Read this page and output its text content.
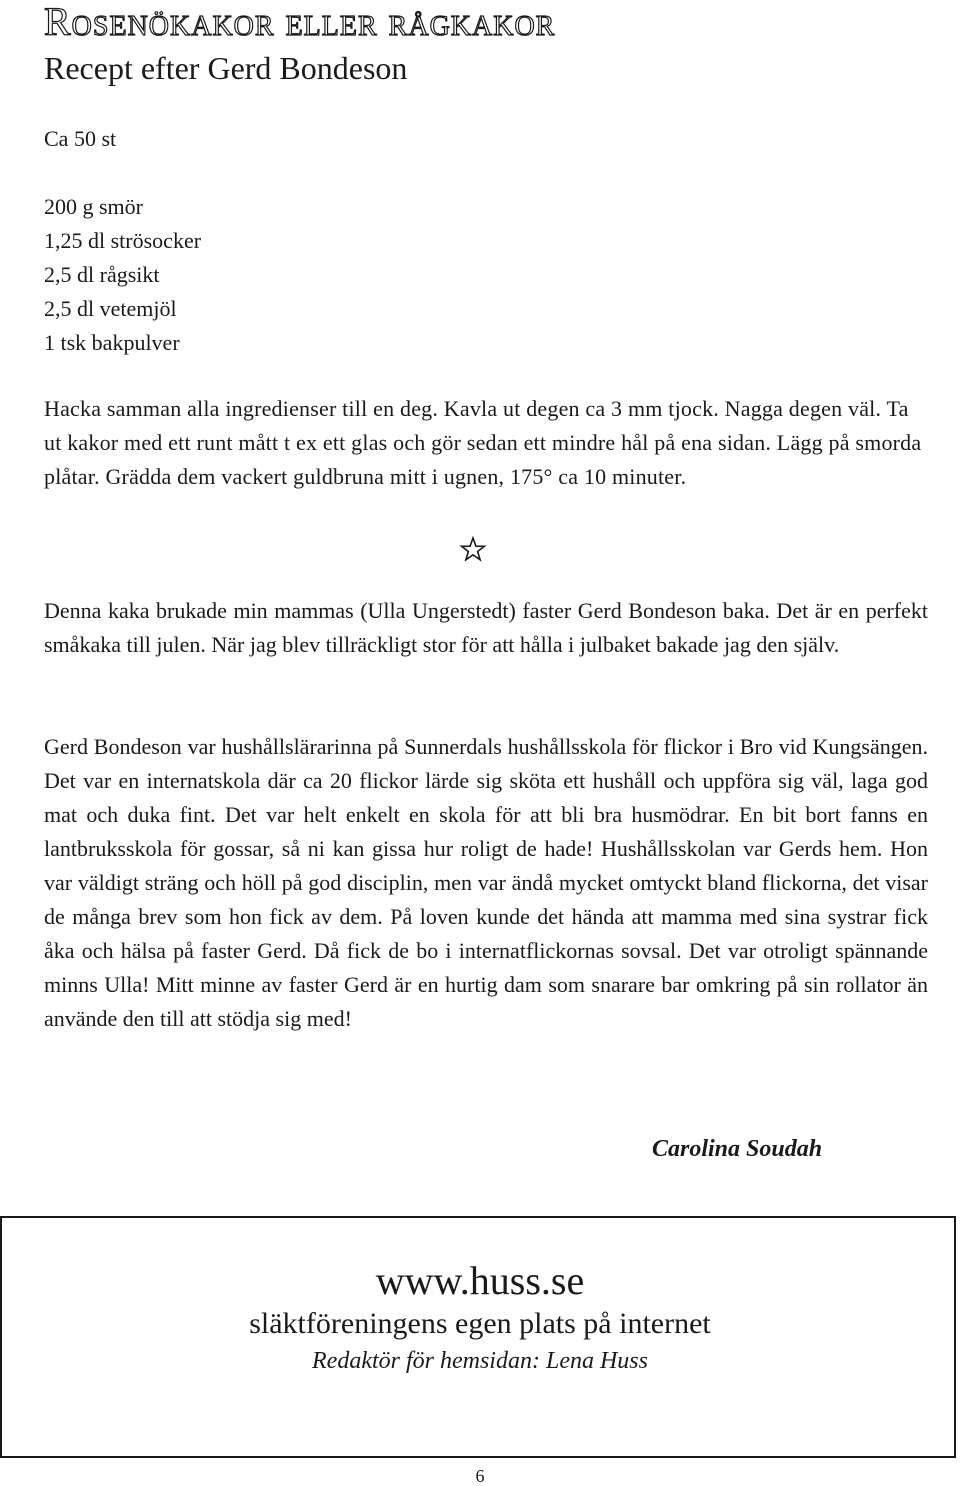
Rosenökakor eller rågkakor
Recept efter Gerd Bondeson
Ca 50 st
200 g smör
1,25 dl strösocker
2,5 dl rågsikt
2,5 dl vetemjöl
1 tsk bakpulver

Hacka samman alla ingredienser till en deg. Kavla ut degen ca 3 mm tjock. Nagga degen väl. Ta ut kakor med ett runt mått t ex ett glas och gör sedan ett mindre hål på ena sidan. Lägg på smorda plåtar. Grädda dem vackert guldbruna mitt i ugnen, 175° ca 10 minuter.

Denna kaka brukade min mammas (Ulla Ungerstedt) faster Gerd Bondeson baka. Det är en perfekt småkaka till julen. När jag blev tillräckligt stor för att hålla i julbaket bakade jag den själv.

Gerd Bondeson var hushållslärarinna på Sunnerdals hushållsskola för flickor i Bro vid Kungsängen. Det var en internatskola där ca 20 flickor lärde sig sköta ett hushåll och uppföra sig väl, laga god mat och duka fint. Det var helt enkelt en skola för att bli bra husmödrar. En bit bort fanns en lantbruksskola för gossar, så ni kan gissa hur roligt de hade! Hushållsskolan var Gerds hem. Hon var väldigt sträng och höll på god disciplin, men var ändå mycket omtyckt bland flickorna, det visar de många brev som hon fick av dem. På loven kunde det hända att mamma med sina systrar fick åka och hälsa på faster Gerd. Då fick de bo i internatflickornas sovsal. Det var otroligt spännande minns Ulla! Mitt minne av faster Gerd är en hurtig dam som snarare bar omkring på sin rollator än använde den till att stödja sig med!

Carolina Soudah
www.huss.se
släktföreningens egen plats på internet
Redaktör för hemsidan: Lena Huss
6
